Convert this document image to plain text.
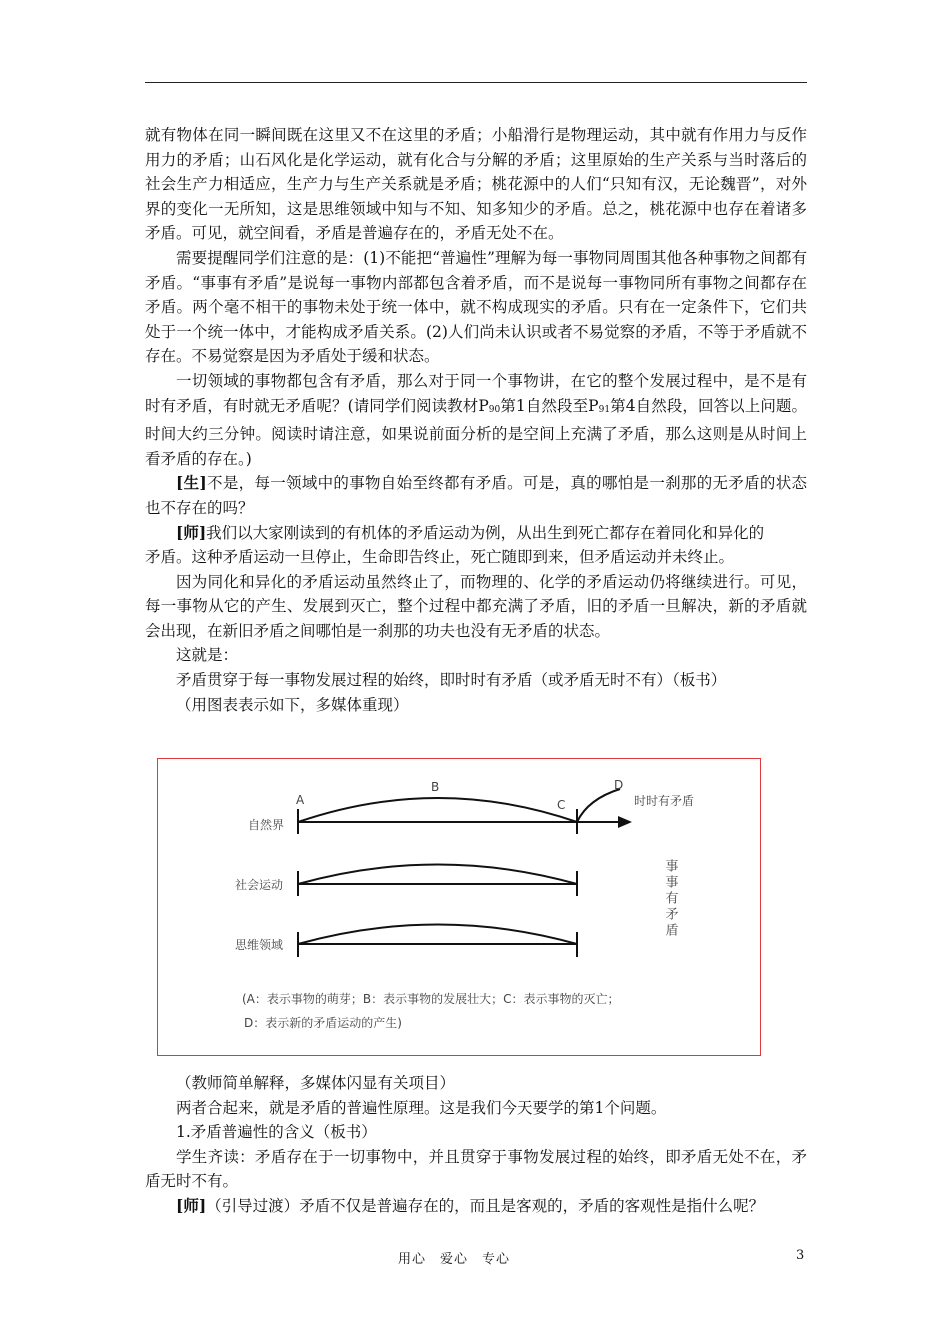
就有物体在同一瞬间既在这里又不在这里的矛盾；小船滑行是物理运动，其中就有作用力与反作用力的矛盾；山石风化是化学运动，就有化合与分解的矛盾；这里原始的生产关系与当时落后的社会生产力相适应，生产力与生产关系就是矛盾；桃花源中的人们“只知有汉，无论魏晋”，对外界的变化一无所知，这是思维领域中知与不知、知多知少的矛盾。总之，桃花源中也存在着诸多矛盾。可见，就空间看，矛盾是普遍存在的，矛盾无处不在。

需要提醒同学们注意的是：(1)不能把“普遍性”理解为每一事物同周围其他各种事物之间都有矛盾。“事事有矛盾”是说每一事物内部都包含着矛盾，而不是说每一事物同所有事物之间都存在矛盾。两个毫不相干的事物未处于统一体中，就不构成现实的矛盾。只有在一定条件下，它们共处于一个统一体中，才能构成矛盾关系。(2)人们尚未认识或者不易觉察的矛盾，不等于矛盾就不存在。不易觉察是因为矛盾处于缓和状态。

一切领域的事物都包含有矛盾，那么对于同一个事物讲，在它的整个发展过程中，是不是有时有矛盾，有时就无矛盾呢？(请同学们阅读教材$P_{90}$第1自然段至$P_{91}$第4自然段，回答以上问题。时间大约三分钟。阅读时请注意，如果说前面分析的是空间上充满了矛盾，那么这则是从时间上看矛盾的存在。)

[生]不是，每一领域中的事物自始至终都有矛盾。可是，真的哪怕是一刹那的无矛盾的状态也不存在的吗？

[师]我们以大家刚读到的有机体的矛盾运动为例，从出生到死亡都存在着同化和异化的

矛盾。这种矛盾运动一旦停止，生命即告终止，死亡随即到来，但矛盾运动并未终止。

因为同化和异化的矛盾运动虽然终止了，而物理的、化学的矛盾运动仍将继续进行。可见，每一事物从它的产生、发展到灭亡，整个过程中都充满了矛盾，旧的矛盾一旦解决，新的矛盾就会出现，在新旧矛盾之间哪怕是一刹那的功夫也没有无矛盾的状态。

这就是：

矛盾贯穿于每一事物发展过程的始终，即时时有矛盾（或矛盾无时不有）（板书）

（用图表表示如下，多媒体重现）

自然界
A
B
C
D
时时有矛盾
社会运动
思维领域
事事有矛盾
(A：表示事物的萌芽；B：表示事物的发展壮大；C：表示事物的灭亡；
D：表示新的矛盾运动的产生)

（教师简单解释，多媒体闪显有关项目）

两者合起来，就是矛盾的普遍性原理。这是我们今天要学的第1个问题。

1.矛盾普遍性的含义（板书）

学生齐读：矛盾存在于一切事物中，并且贯穿于事物发展过程的始终，即矛盾无处不在，矛盾无时不有。

[师]（引导过渡）矛盾不仅是普遍存在的，而且是客观的，矛盾的客观性是指什么呢？

用心　爱心　专心	3
